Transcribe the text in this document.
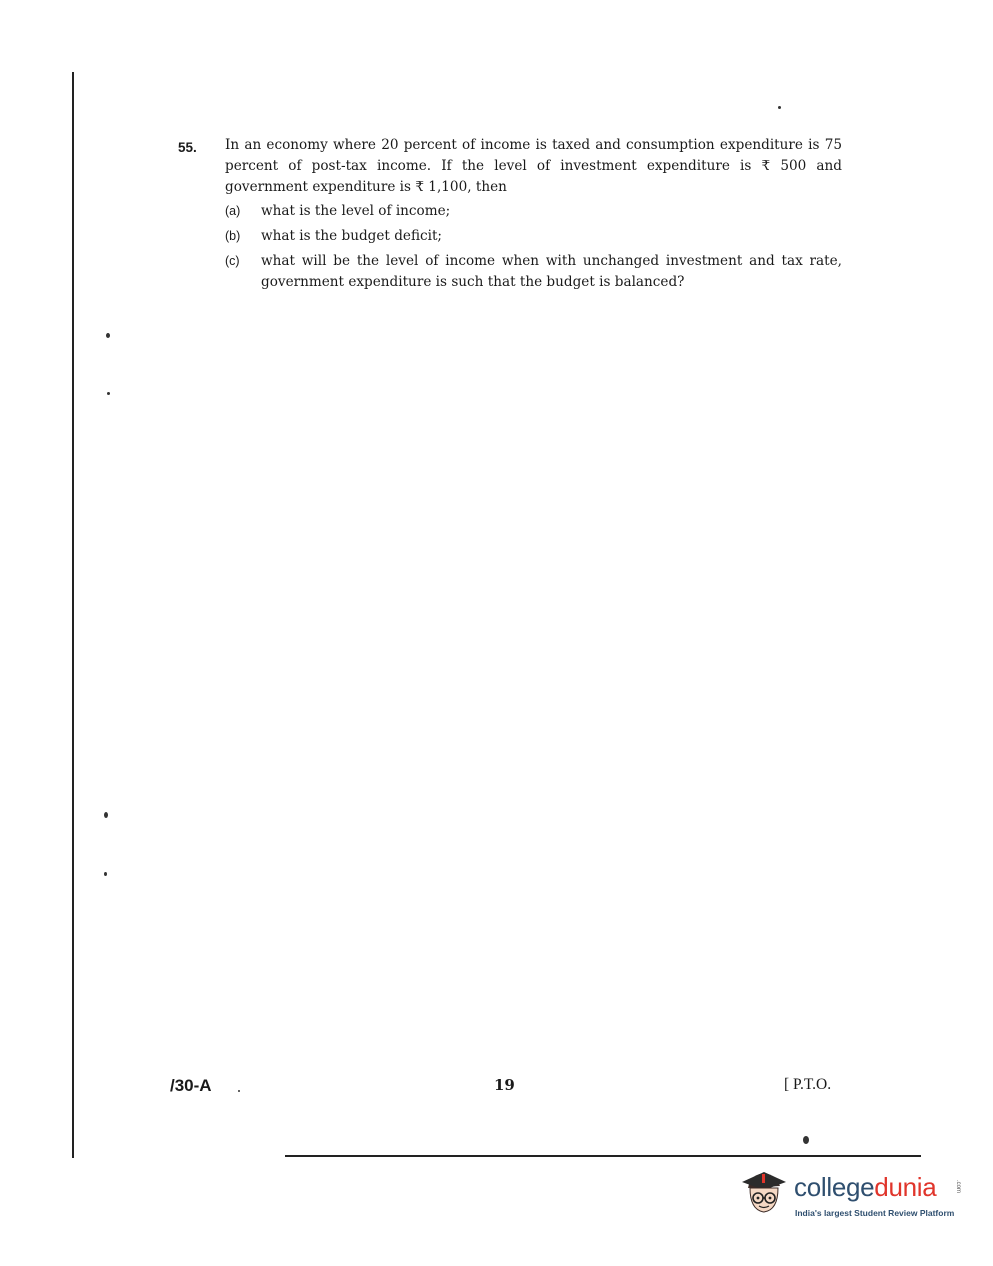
55. In an economy where 20 percent of income is taxed and consumption expenditure is 75 percent of post-tax income. If the level of investment expenditure is ₹ 500 and government expenditure is ₹ 1,100, then
(a)	what is the level of income;
(b)	what is the budget deficit;
(c)	what will be the level of income when with unchanged investment and tax rate, government expenditure is such that the budget is balanced?
/30-A	19	[ P.T.O.
collegedunia	.com
India's largest Student Review Platform
